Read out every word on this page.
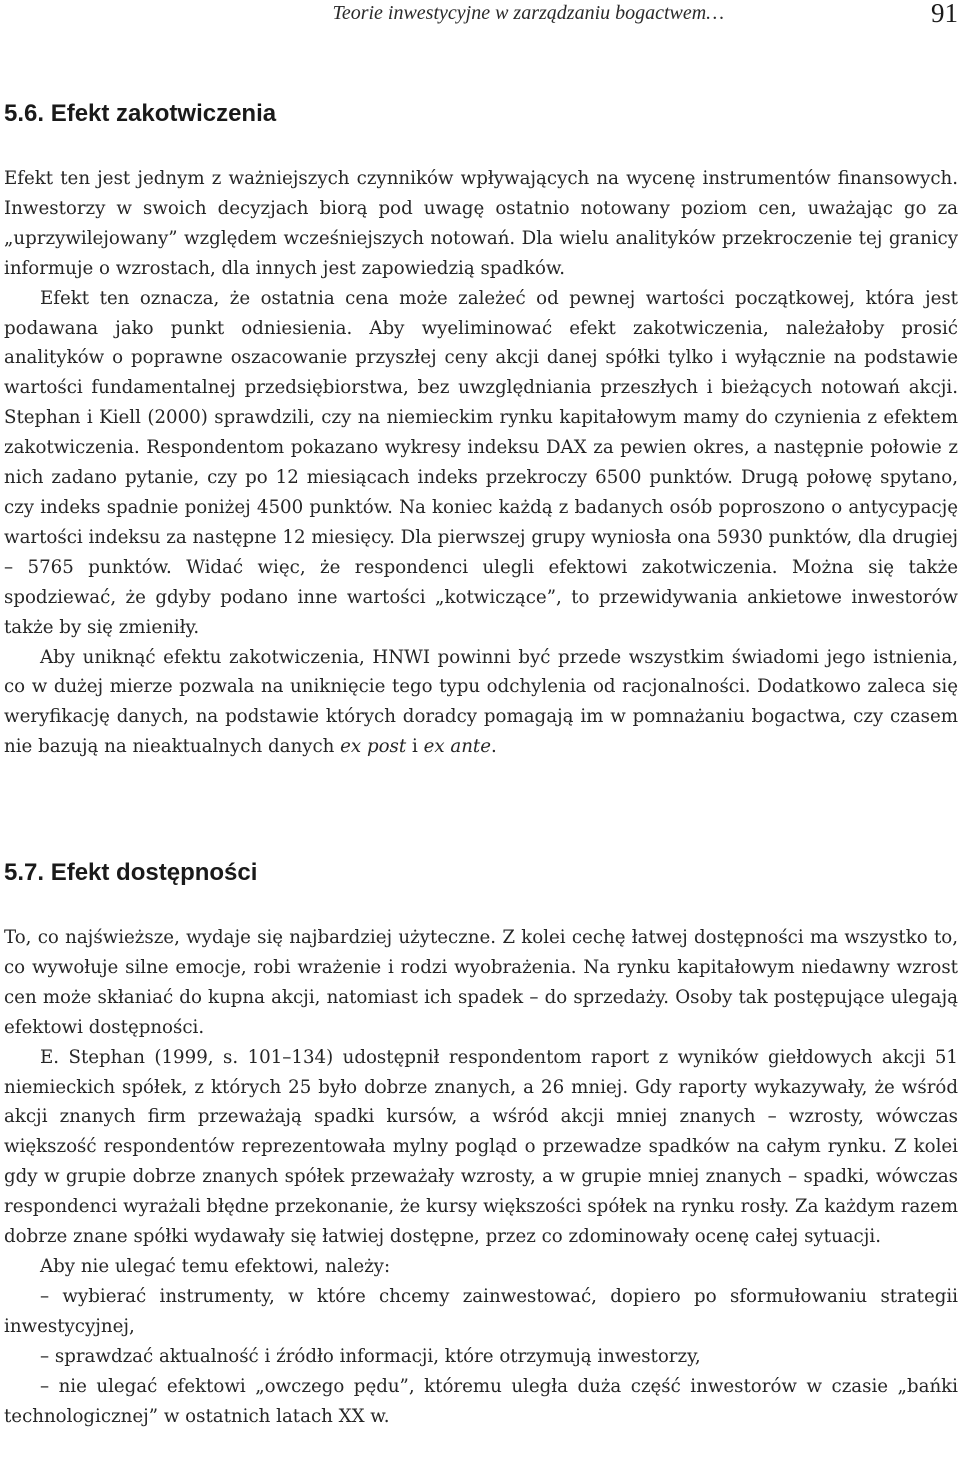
Teorie inwestycyjne w zarządzaniu bogactwem…	91
5.6. Efekt zakotwiczenia

Efekt ten jest jednym z ważniejszych czynników wpływających na wycenę instrumentów finansowych. Inwestorzy w swoich decyzjach biorą pod uwagę ostatnio notowany poziom cen, uważając go za „uprzywilejowany” względem wcześniejszych notowań. Dla wielu analityków przekroczenie tej granicy informuje o wzrostach, dla innych jest zapowiedzią spadków.

Efekt ten oznacza, że ostatnia cena może zależeć od pewnej wartości początkowej, która jest podawana jako punkt odniesienia. Aby wyeliminować efekt zakotwiczenia, należałoby prosić analityków o poprawne oszacowanie przyszłej ceny akcji danej spółki tylko i wyłącznie na podstawie wartości fundamentalnej przedsiębiorstwa, bez uwzględniania przeszłych i bieżących notowań akcji. Stephan i Kiell (2000) sprawdzili, czy na niemieckim rynku kapitałowym mamy do czynienia z efektem zakotwiczenia. Respondentom pokazano wykresy indeksu DAX za pewien okres, a następnie połowie z nich zadano pytanie, czy po 12 miesiącach indeks przekroczy 6500 punktów. Drugą połowę spytano, czy indeks spadnie poniżej 4500 punktów. Na koniec każdą z badanych osób poproszono o antycypację wartości indeksu za następne 12 miesięcy. Dla pierwszej grupy wyniosła ona 5930 punktów, dla drugiej – 5765 punktów. Widać więc, że respondenci ulegli efektowi zakotwiczenia. Można się także spodziewać, że gdyby podano inne wartości „kotwiczące”, to przewidywania ankietowe inwestorów także by się zmieniły.

Aby uniknąć efektu zakotwiczenia, HNWI powinni być przede wszystkim świadomi jego istnienia, co w dużej mierze pozwala na uniknięcie tego typu odchylenia od racjonalności. Dodatkowo zaleca się weryfikację danych, na podstawie których doradcy pomagają im w pomnażaniu bogactwa, czy czasem nie bazują na nieaktualnych danych ex post i ex ante.

5.7. Efekt dostępności

To, co najświeższe, wydaje się najbardziej użyteczne. Z kolei cechę łatwej dostępności ma wszystko to, co wywołuje silne emocje, robi wrażenie i rodzi wyobrażenia. Na rynku kapitałowym niedawny wzrost cen może skłaniać do kupna akcji, natomiast ich spadek – do sprzedaży. Osoby tak postępujące ulegają efektowi dostępności.

E. Stephan (1999, s. 101–134) udostępnił respondentom raport z wyników giełdowych akcji 51 niemieckich spółek, z których 25 było dobrze znanych, a 26 mniej. Gdy raporty wykazywały, że wśród akcji znanych firm przeważają spadki kursów, a wśród akcji mniej znanych – wzrosty, wówczas większość respondentów reprezentowała mylny pogląd o przewadze spadków na całym rynku. Z kolei gdy w grupie dobrze znanych spółek przeważały wzrosty, a w grupie mniej znanych – spadki, wówczas respondenci wyrażali błędne przekonanie, że kursy większości spółek na rynku rosły. Za każdym razem dobrze znane spółki wydawały się łatwiej dostępne, przez co zdominowały ocenę całej sytuacji.

Aby nie ulegać temu efektowi, należy:

– wybierać instrumenty, w które chcemy zainwestować, dopiero po sformułowaniu strategii inwestycyjnej,

– sprawdzać aktualność i źródło informacji, które otrzymują inwestorzy,

– nie ulegać efektowi „owczego pędu”, któremu uległa duża część inwestorów w czasie „bańki technologicznej” w ostatnich latach XX w.
